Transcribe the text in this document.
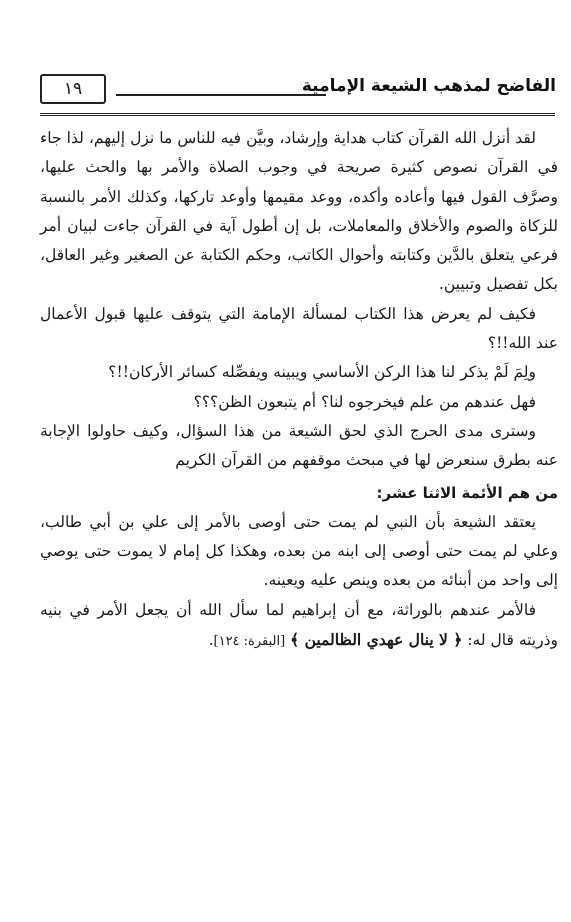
الفاضح لمذهب الشيعة الإمامية
١٩

لقد أنزل الله القرآن كتاب هداية وإرشاد، وبيَّن فيه للناس ما نزل إليهم، لذا جاء في القرآن نصوص كثيرة صريحة في وجوب الصلاة والأمر بها والحث عليها، وصرَّف القول فيها وأعاده وأكده، ووعد مقيمها وأوعد تاركها، وكذلك الأمر بالنسبة للزكاة والصوم والأخلاق والمعاملات، بل إن أطول آية في القرآن جاءت لبيان أمر فرعي يتعلق بالدَّين وكتابته وأحوال الكاتب، وحكم الكتابة عن الصغير وغير العاقل، بكل تفصيل وتبيين.

فكيف لم يعرض هذا الكتاب لمسألة الإمامة التي يتوقف عليها قبول الأعمال عند الله!!؟

ولِمَ لَمْ يذكر لنا هذا الركن الأساسي ويبينه ويفصِّله كسائر الأركان!!؟

فهل عندهم من علم فيخرجوه لنا؟ أم يتبعون الظن؟؟؟

وسترى مدى الحرج الذي لحق الشيعة من هذا السؤال، وكيف حاولوا الإجابة عنه بطرق سنعرض لها في مبحث موقفهم من القرآن الكريم

من هم الأئمة الاثنا عشر:

يعتقد الشيعة بأن النبي لم يمت حتى أوصى بالأمر إلى علي بن أبي طالب، وعلي لم يمت حتى أوصى إلى ابنه من بعده، وهكذا كل إمام لا يموت حتى يوصي إلى واحد من أبنائه من بعده وينص عليه ويعينه.

فالأمر عندهم بالوراثة، مع أن إبراهيم لما سأل الله أن يجعل الأمر في بنيه وذريته قال له: ﴿ لا ينال عهدي الظالمين ﴾ [البقرة: ١٢٤].
